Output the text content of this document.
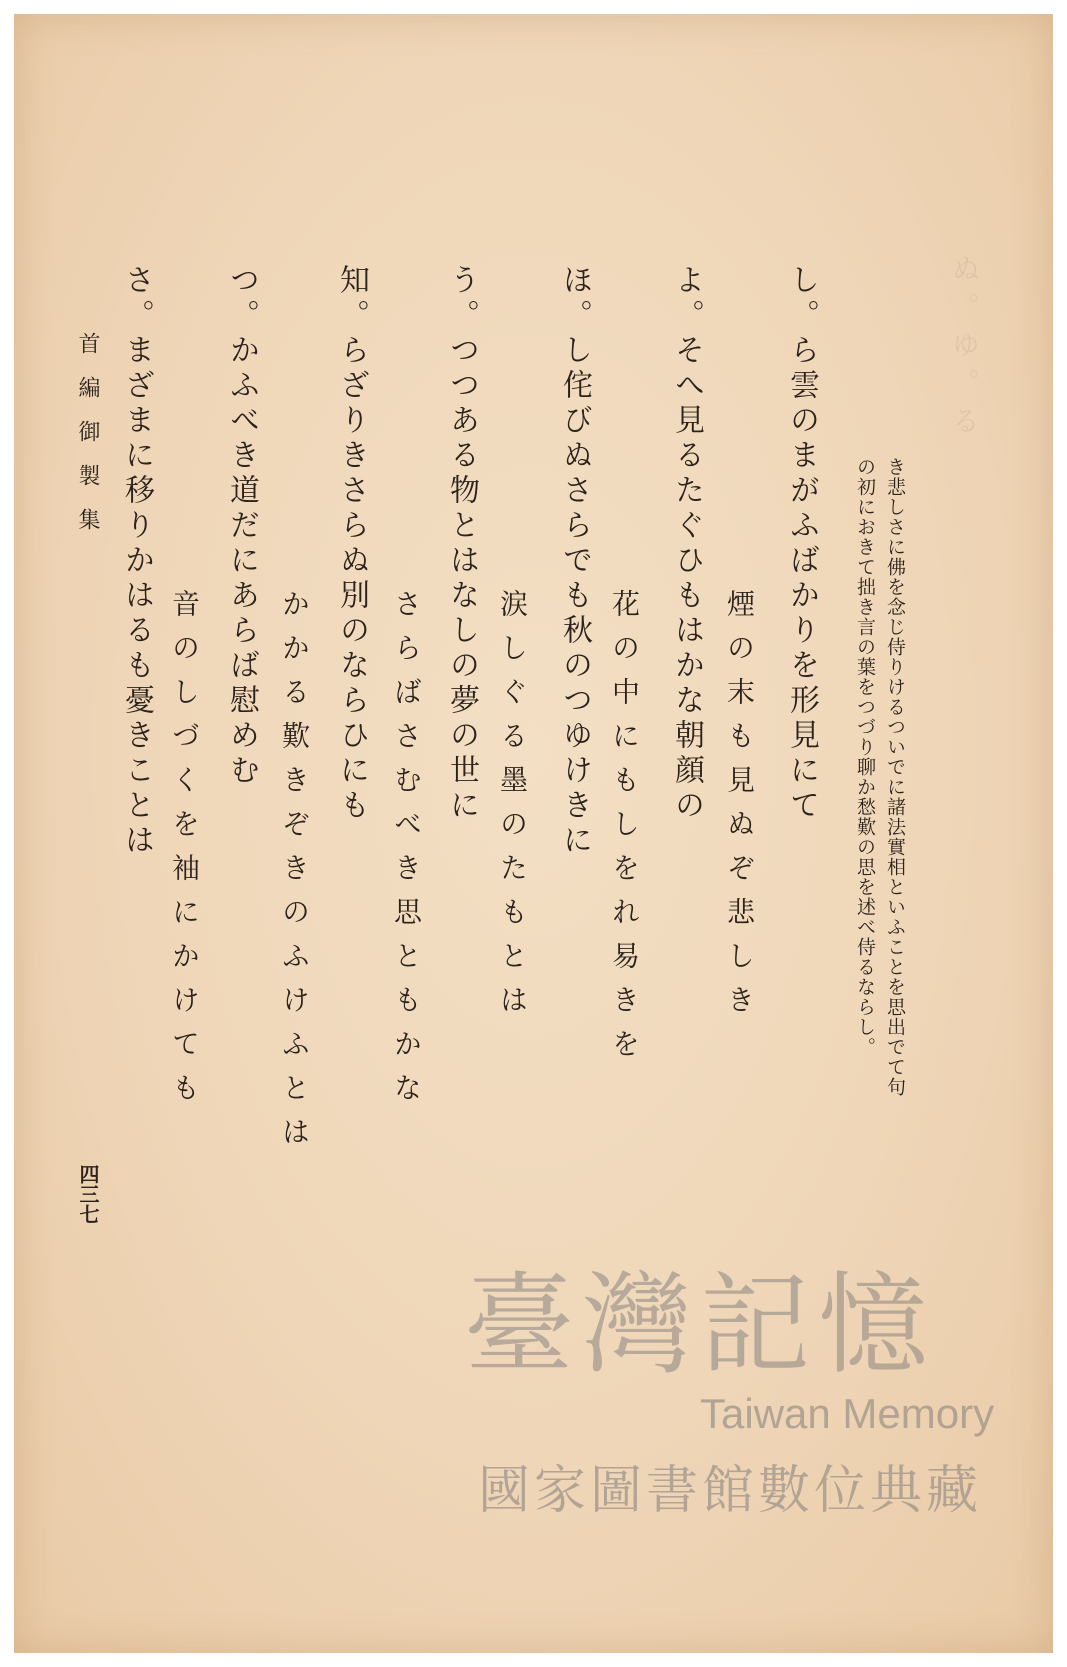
ぬ。ゆ。る
き悲しさに佛を念じ侍りけるついでに諸法實相といふことを思出でて句
の初におきて拙き言の葉をつづり聊か愁歎の思を述べ侍るならし。
し。ら雲のまがふばかりを形見にて
煙の末も見ぬぞ悲しき
よ。そへ見るたぐひもはかな朝顔の
花の中にもしをれ易きを
ほ。し侘びぬさらでも秋のつゆけきに
涙しぐる墨のたもとは
う。つつある物とはなしの夢の世に
さらばさむべき思ともかな
知。らざりきさらぬ別のならひにも
かかる歎きぞきのふけふとは
つ。かふべき道だにあらば慰めむ
音のしづくを袖にかけても
さ。まざまに移りかはるも憂きことは
首編御製集
四三七
臺灣記憶
Taiwan Memory
國家圖書館數位典藏
